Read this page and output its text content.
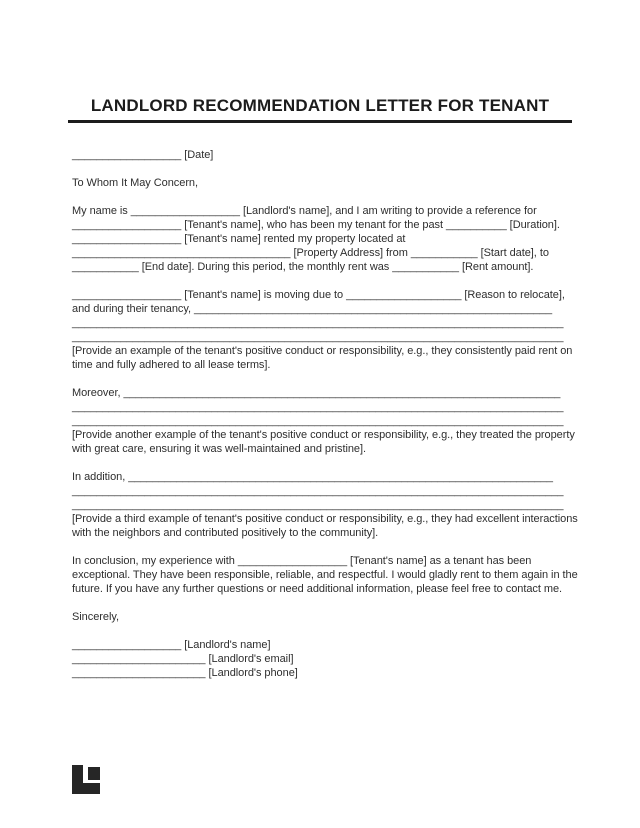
LANDLORD RECOMMENDATION LETTER FOR TENANT

__________________ [Date]

To Whom It May Concern,

My name is __________________ [Landlord's name], and I am writing to provide a reference for
__________________ [Tenant's name], who has been my tenant for the past __________ [Duration].
__________________ [Tenant's name] rented my property located at
____________________________________ [Property Address] from ___________ [Start date], to
___________ [End date]. During this period, the monthly rent was ___________ [Rent amount].

__________________ [Tenant's name] is moving due to ___________________ [Reason to relocate],
and during their tenancy, ___________________________________________________________
_________________________________________________________________________________
_________________________________________________________________________________
[Provide an example of the tenant's positive conduct or responsibility, e.g., they consistently paid rent on
time and fully adhered to all lease terms].

Moreover, ________________________________________________________________________
_________________________________________________________________________________
_________________________________________________________________________________
[Provide another example of the tenant's positive conduct or responsibility, e.g., they treated the property
with great care, ensuring it was well-maintained and pristine].

In addition, ______________________________________________________________________
_________________________________________________________________________________
_________________________________________________________________________________
[Provide a third example of tenant's positive conduct or responsibility, e.g., they had excellent interactions
with the neighbors and contributed positively to the community].

In conclusion, my experience with __________________ [Tenant's name] as a tenant has been
exceptional. They have been responsible, reliable, and respectful. I would gladly rent to them again in the
future. If you have any further questions or need additional information, please feel free to contact me.

Sincerely,

__________________ [Landlord's name]
______________________ [Landlord's email]
______________________ [Landlord's phone]
